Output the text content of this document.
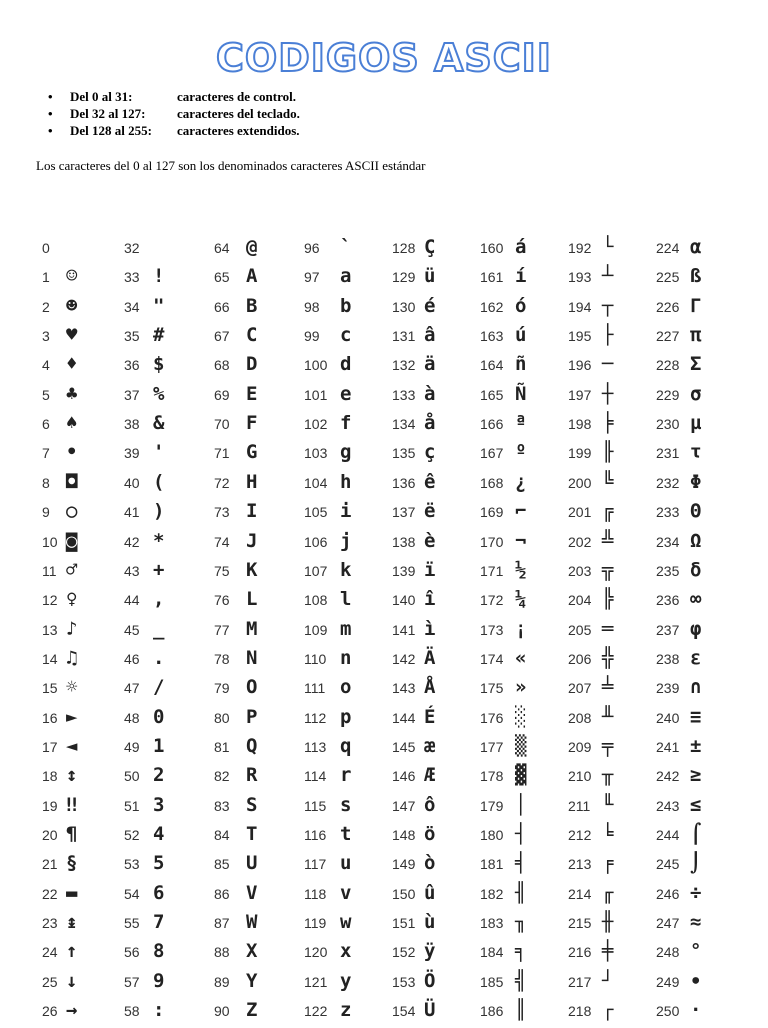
CODIGOS ASCII
• Del 0 al 31:	caracteres de control.
• Del 32 al 127: caracteres del teclado.
• Del 128 al 255: caracteres extendidos.
Los caracteres del 0 al 127 son los denominados caracteres ASCII estándar
0
1 ☺
2 ☻
3 ♥
4 ♦
5 ♣
6 ♠
7 •
8 ◘
9 ○
10 ◙
11 ♂
12 ♀
13 ♪
14 ♫
15 ☼
16 ►
17 ◄
18 ↕
19 ‼
20 ¶
21 §
22 ▬
23 ↨
24 ↑
25 ↓
26 →
32
33 !
34 "
35 #
36 $
37 %
38 &
39 '
40 (
41 )
42 *
43 +
44 ,
45 _
46 .
47 /
48 0
49 1
50 2
51 3
52 4
53 5
54 6
55 7
56 8
57 9
58 :
64 @
65 A
66 B
67 C
68 D
69 E
70 F
71 G
72 H
73 I
74 J
75 K
76 L
77 M
78 N
79 O
80 P
81 Q
82 R
83 S
84 T
85 U
86 V
87 W
88 X
89 Y
90 Z
96 `
97 a
98 b
99 c
100 d
101 e
102 f
103 g
104 h
105 i
106 j
107 k
108 l
109 m
110 n
111 o
112 p
113 q
114 r
115 s
116 t
117 u
118 v
119 w
120 x
121 y
122 z
128 Ç
129 ü
130 é
131 â
132 ä
133 à
134 å
135 ç
136 ê
137 ë
138 è
139 ï
140 î
141 ì
142 Ä
143 Å
144 É
145 æ
146 Æ
147 ô
148 ö
149 ò
150 û
151 ù
152 ÿ
153 Ö
154 Ü
160 á
161 í
162 ó
163 ú
164 ñ
165 Ñ
166 ª
167 º
168 ¿
169 ⌐
170 ¬
171 ½
172 ¼
173 ¡
174 «
175 »
176 ░
177 ▒
178 ▓
179 │
180 ┤
181 ╡
182 ╢
183 ╖
184 ╕
185 ╣
186 ║
192 └
193 ┴
194 ┬
195 ├
196 ─
197 ┼
198 ╞
199 ╟
200 ╚
201 ╔
202 ╩
203 ╦
204 ╠
205 ═
206 ╬
207 ╧
208 ╨
209 ╤
210 ╥
211 ╙
212 ╘
213 ╒
214 ╓
215 ╫
216 ╪
217 ┘
218 ┌
224 α
225 ß
226 Γ
227 π
228 Σ
229 σ
230 µ
231 τ
232 Φ
233 Θ
234 Ω
235 δ
236 ∞
237 φ
238 ε
239 ∩
240 ≡
241 ±
242 ≥
243 ≤
244 ⌠
245 ⌡
246 ÷
247 ≈
248 °
249 ∙
250 ·
